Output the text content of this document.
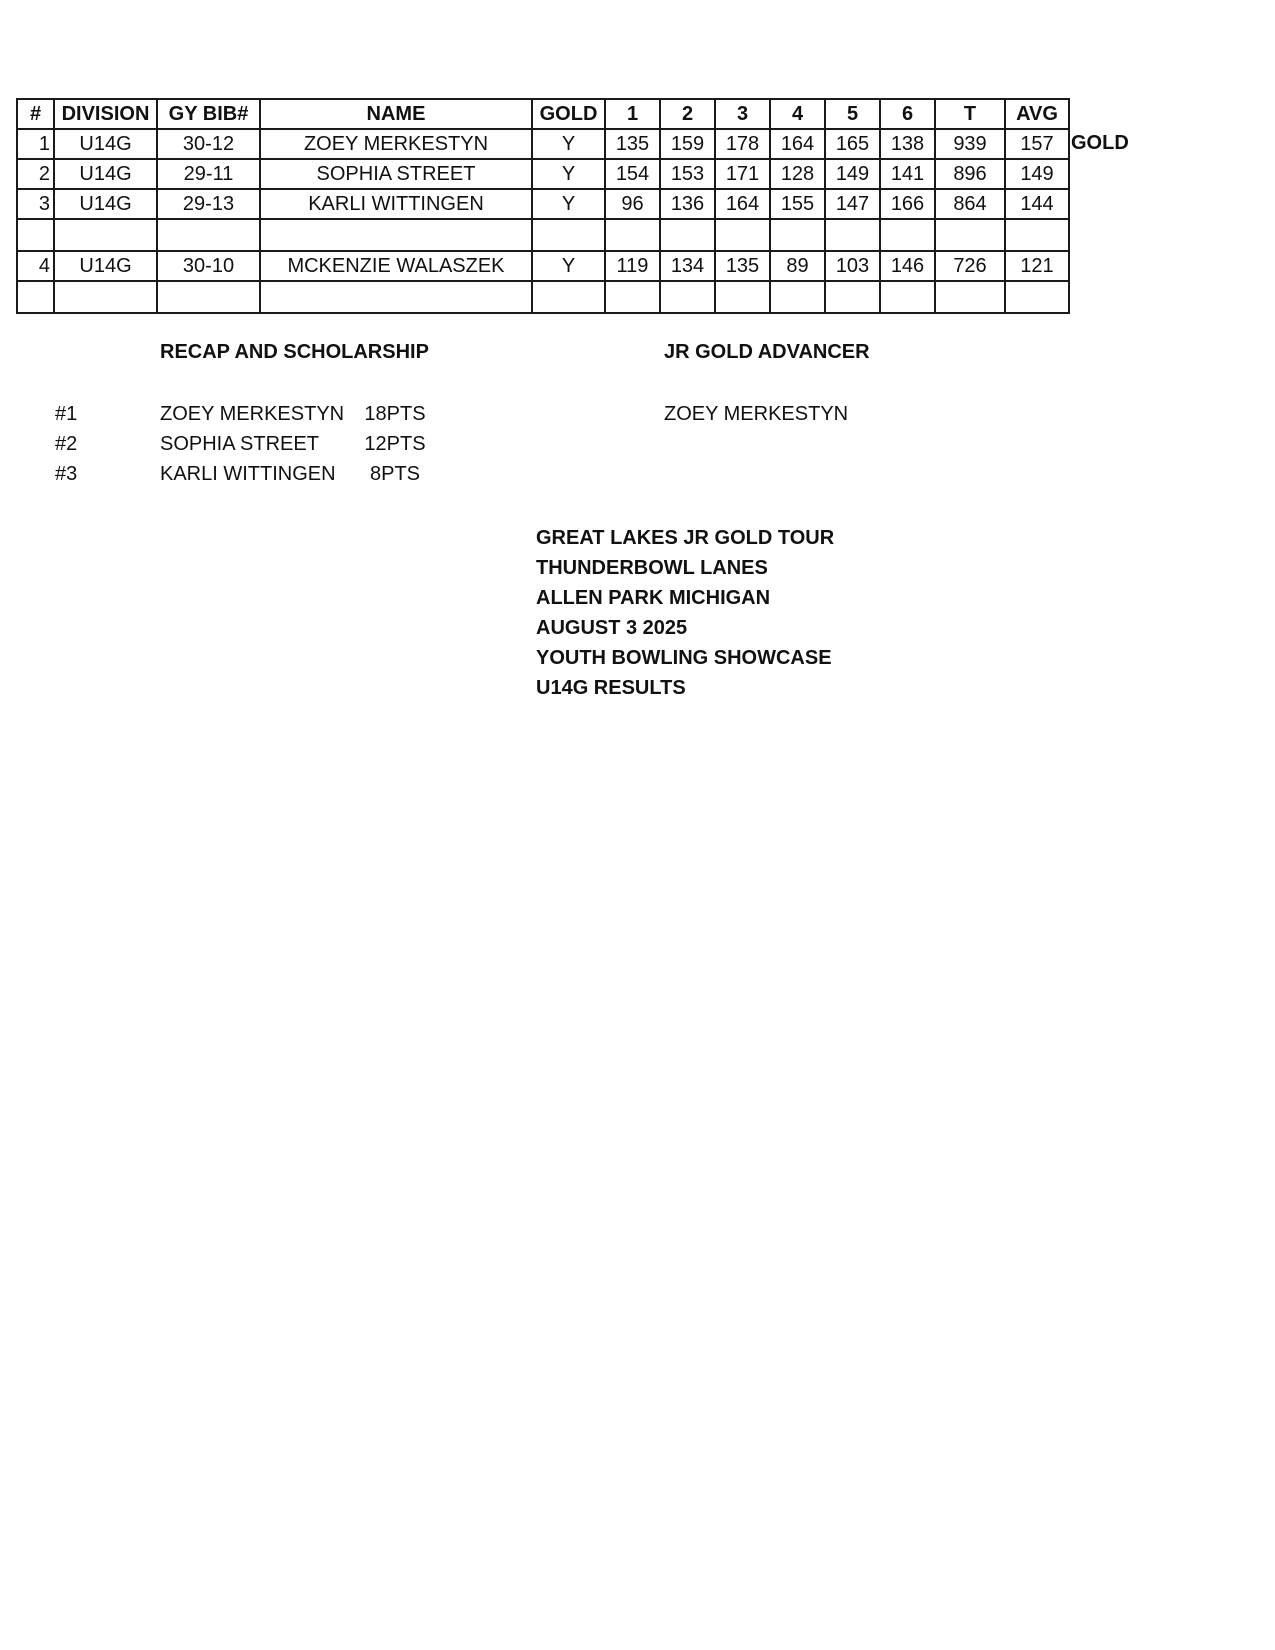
#	DIVISION	GY BIB#	NAME	GOLD	1	2	3	4	5	6	T	AVG
1	U14G	30-12	ZOEY MERKESTYN	Y	135	159	178	164	165	138	939	157
2	U14G	29-11	SOPHIA STREET	Y	154	153	171	128	149	141	896	149
3	U14G	29-13	KARLI WITTINGEN	Y	96	136	164	155	147	166	864	144

4	U14G	30-10	MCKENZIE WALASZEK	Y	119	134	135	89	103	146	726	121

GOLD
RECAP AND SCHOLARSHIP	JR GOLD ADVANCER
#1	ZOEY MERKESTYN	18PTS
#2	SOPHIA STREET	12PTS
#3	KARLI WITTINGEN	8PTS
ZOEY MERKESTYN
GREAT LAKES JR GOLD TOUR
THUNDERBOWL LANES
ALLEN PARK MICHIGAN
AUGUST 3 2025
YOUTH BOWLING SHOWCASE
U14G RESULTS
